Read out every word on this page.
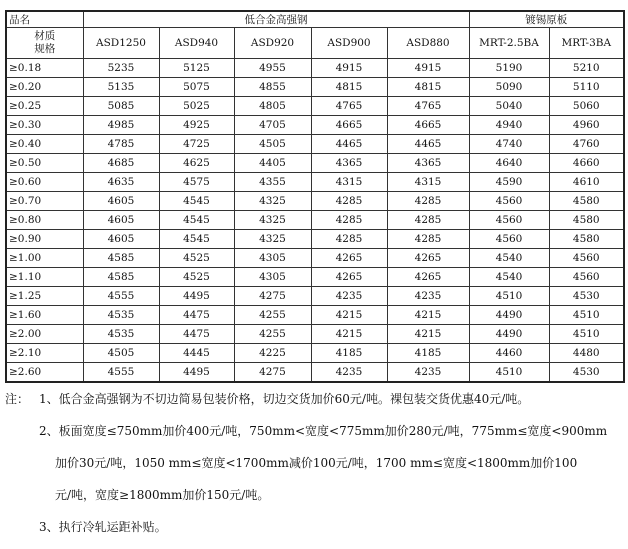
品名	低合金高强钢					镀锡原板	

材质
规格	ASD1250	ASD940	ASD920	ASD900	ASD880	MRT-2.5BA	MRT-3BA
≥0.18	5235	5125	4955	4915	4915	5190	5210
≥0.20	5135	5075	4855	4815	4815	5090	5110
≥0.25	5085	5025	4805	4765	4765	5040	5060
≥0.30	4985	4925	4705	4665	4665	4940	4960
≥0.40	4785	4725	4505	4465	4465	4740	4760
≥0.50	4685	4625	4405	4365	4365	4640	4660
≥0.60	4635	4575	4355	4315	4315	4590	4610
≥0.70	4605	4545	4325	4285	4285	4560	4580
≥0.80	4605	4545	4325	4285	4285	4560	4580
≥0.90	4605	4545	4325	4285	4285	4560	4580
≥1.00	4585	4525	4305	4265	4265	4540	4560
≥1.10	4585	4525	4305	4265	4265	4540	4560
≥1.25	4555	4495	4275	4235	4235	4510	4530
≥1.60	4535	4475	4255	4215	4215	4490	4510
≥2.00	4535	4475	4255	4215	4215	4490	4510
≥2.10	4505	4445	4225	4185	4185	4460	4480
≥2.60	4555	4495	4275	4235	4235	4510	4530
注： 1、低合金高强钢为不切边简易包装价格，切边交货加价60元/吨。裸包装交货优惠40元/吨。

2、板面宽度≤750mm加价400元/吨，750mm<宽度<775mm加价280元/吨，775mm≤宽度<900mm

加价30元/吨，1050 mm≤宽度<1700mm减价100元/吨，1700 mm≤宽度<1800mm加价100

元/吨，宽度≥1800mm加价150元/吨。

3、执行冷轧运距补贴。
